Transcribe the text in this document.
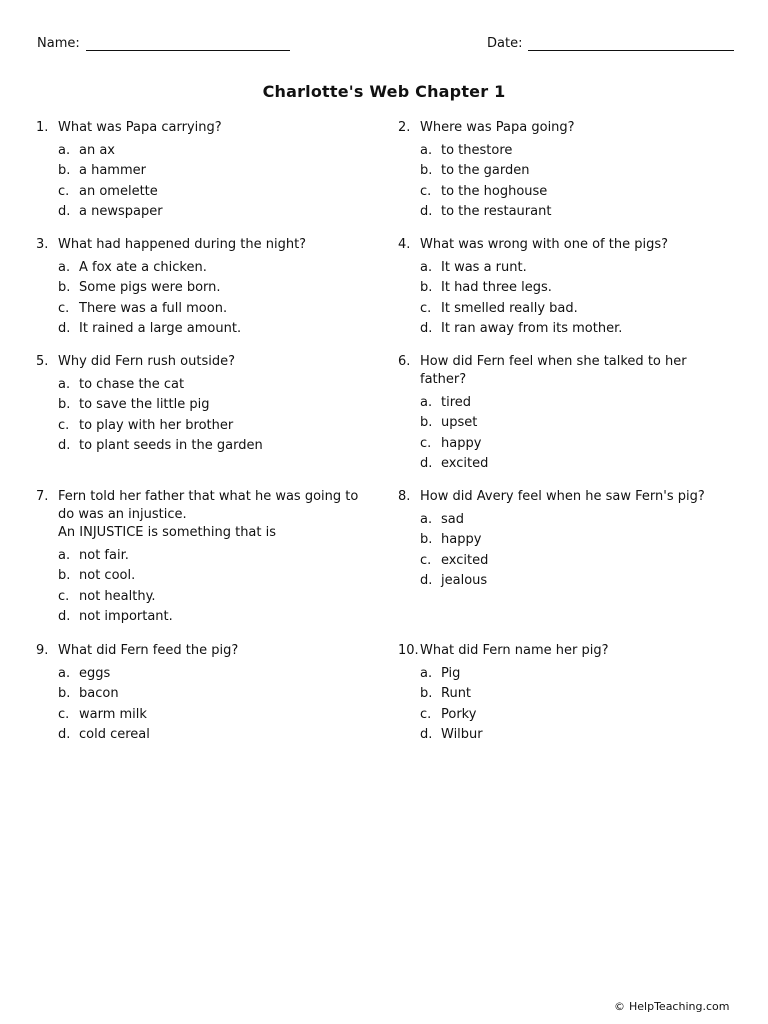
Name:	Date:
Charlotte's Web Chapter 1
1. What was Papa carrying?
a. an ax
b. a hammer
c. an omelette
d. a newspaper
2. Where was Papa going?
a. to thestore
b. to the garden
c. to the hoghouse
d. to the restaurant
3. What had happened during the night?
a. A fox ate a chicken.
b. Some pigs were born.
c. There was a full moon.
d. It rained a large amount.
4. What was wrong with one of the pigs?
a. It was a runt.
b. It had three legs.
c. It smelled really bad.
d. It ran away from its mother.
5. Why did Fern rush outside?
a. to chase the cat
b. to save the little pig
c. to play with her brother
d. to plant seeds in the garden
6. How did Fern feel when she talked to her
father?
a. tired
b. upset
c. happy
d. excited
7. Fern told her father that what he was going to
do was an injustice.
An INJUSTICE is something that is
a. not fair.
b. not cool.
c. not healthy.
d. not important.
8. How did Avery feel when he saw Fern's pig?
a. sad
b. happy
c. excited
d. jealous
9. What did Fern feed the pig?
a. eggs
b. bacon
c. warm milk
d. cold cereal
10. What did Fern name her pig?
a. Pig
b. Runt
c. Porky
d. Wilbur
© HelpTeaching.com
